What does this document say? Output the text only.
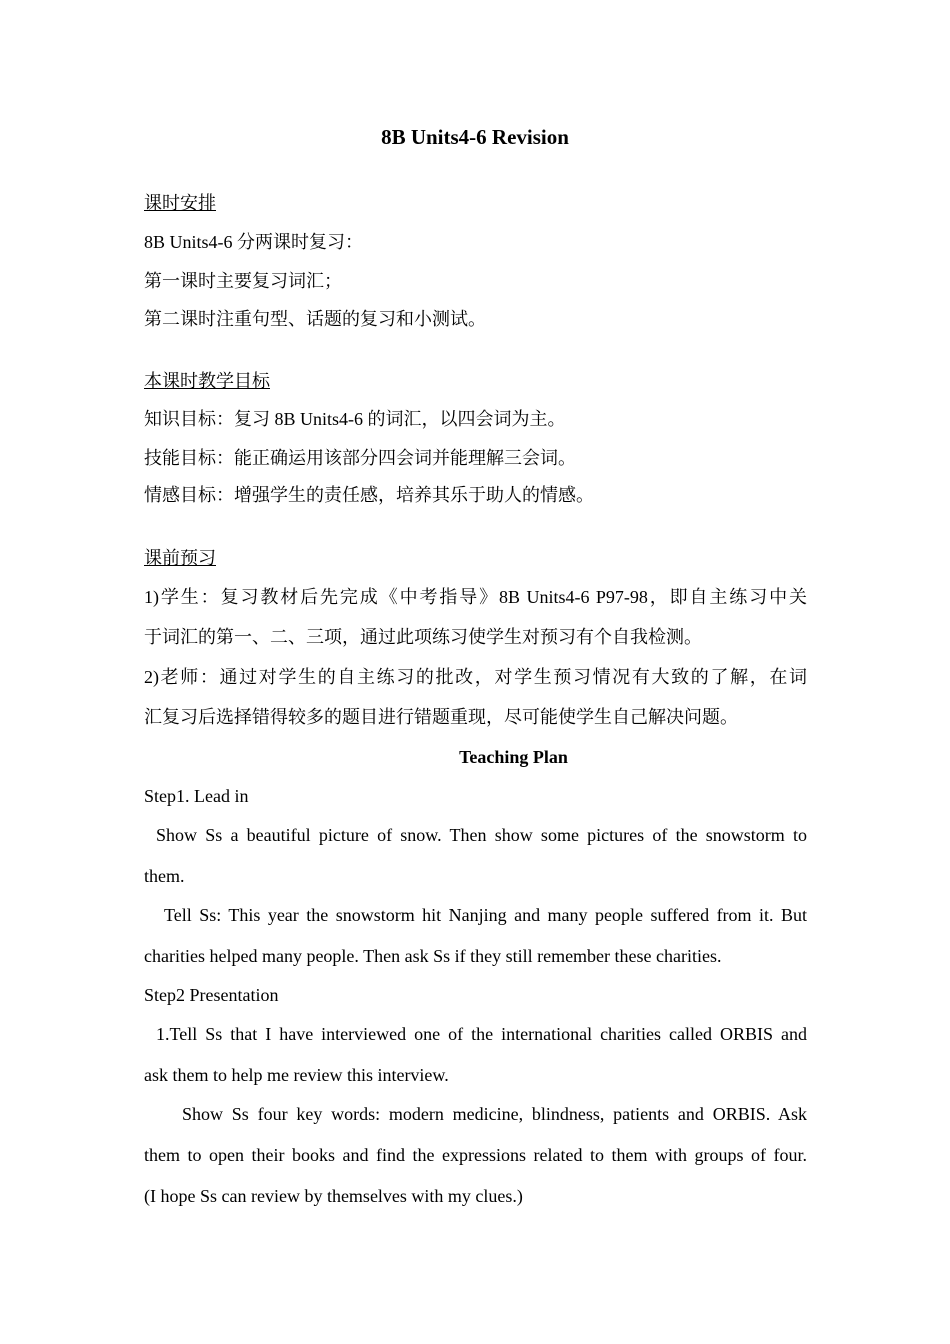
8B Units4-6 Revision
课时安排
8B Units4-6 分两课时复习：
第一课时主要复习词汇；
第二课时注重句型、话题的复习和小测试。
本课时教学目标
知识目标：复习 8B Units4-6 的词汇，以四会词为主。
技能目标：能正确运用该部分四会词并能理解三会词。
情感目标：增强学生的责任感，培养其乐于助人的情感。
课前预习
1)学生：复习教材后先完成《中考指导》8B Units4-6 P97-98，即自主练习中关
于词汇的第一、二、三项，通过此项练习使学生对预习有个自我检测。
2)老师：通过对学生的自主练习的批改，对学生预习情况有大致的了解，在词
汇复习后选择错得较多的题目进行错题重现，尽可能使学生自己解决问题。
Teaching Plan
Step1. Lead in
Show Ss a beautiful picture of snow. Then show some pictures of the snowstorm to
them.
Tell Ss: This year the snowstorm hit Nanjing and many people suffered from it. But
charities helped many people. Then ask Ss if they still remember these charities.
Step2 Presentation
1.Tell Ss that I have interviewed one of the international charities called ORBIS and
ask them to help me review this interview.
Show Ss four key words: modern medicine, blindness, patients and ORBIS. Ask
them to open their books and find the expressions related to them with groups of four.
(I hope Ss can review by themselves with my clues.)
